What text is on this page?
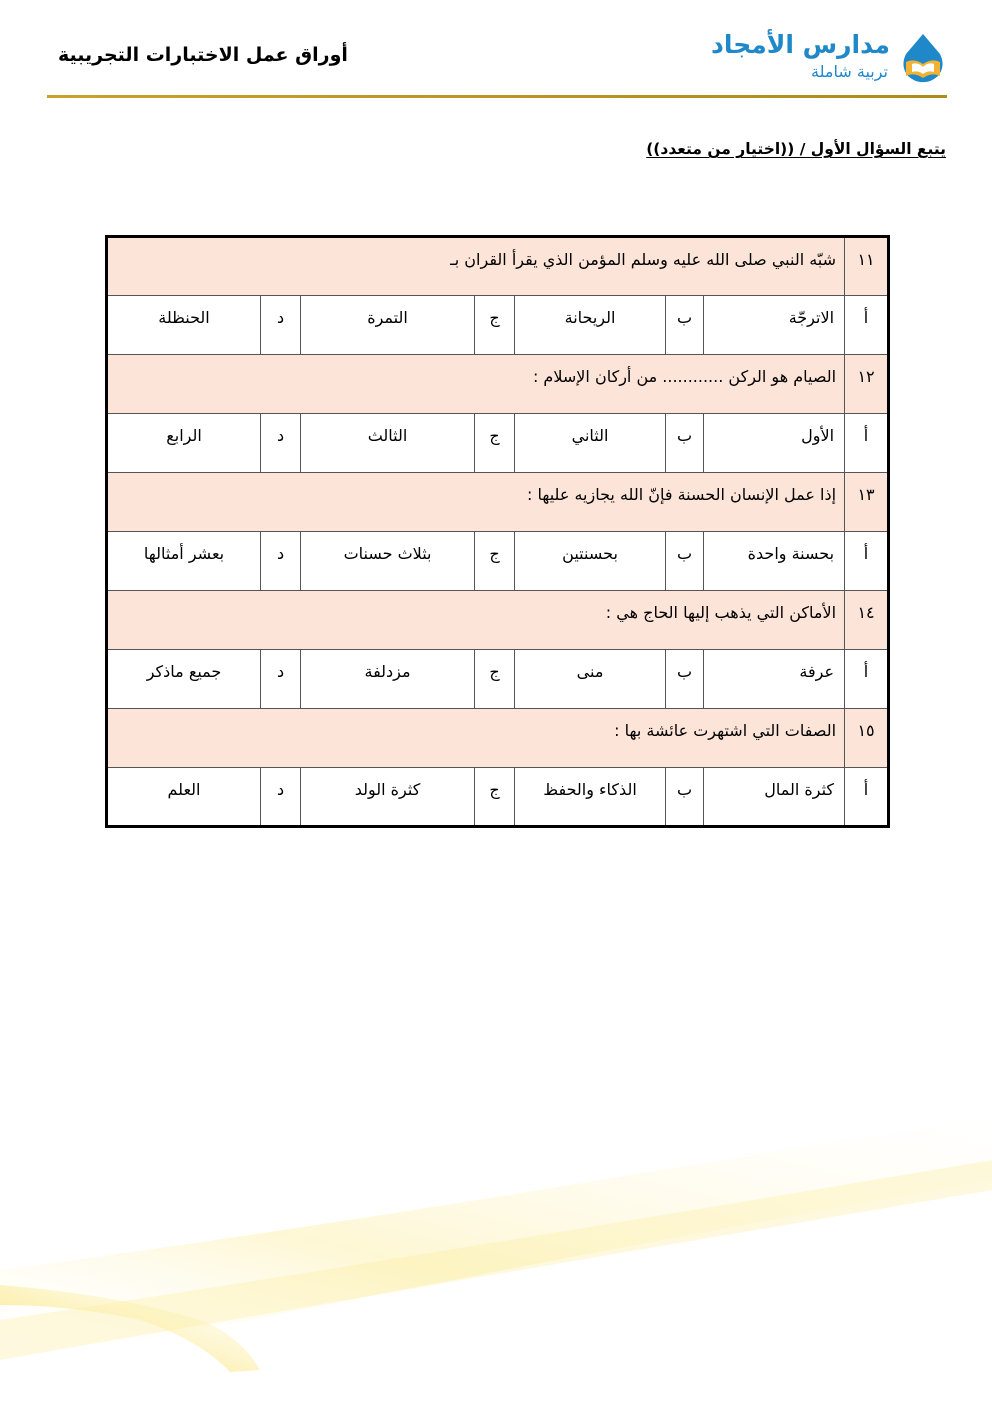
أوراق عمل الاختبارات التجريبية	مدارس الأمجاد
تربية شاملة
يتبع السؤال الأول / ((اختيار من متعدد))
١١	شبّه النبي صلى الله عليه وسلم المؤمن الذي يقرأ القران بـ						
أ	الاترجّة	ب	الريحانة	ج	التمرة	د	الحنظلة
١٢	الصيام هو الركن ............ من أركان الإسلام :						
أ	الأول	ب	الثاني	ج	الثالث	د	الرابع
١٣	إذا عمل الإنسان الحسنة فإنّ الله يجازيه عليها :						
أ	بحسنة واحدة	ب	بحسنتين	ج	بثلاث حسنات	د	بعشر أمثالها
١٤	الأماكن التي يذهب إليها الحاج هي :						
أ	عرفة	ب	منى	ج	مزدلفة	د	جميع ماذكر
١٥	الصفات التي اشتهرت عائشة بها :						
أ	كثرة المال	ب	الذكاء والحفظ	ج	كثرة الولد	د	العلم
